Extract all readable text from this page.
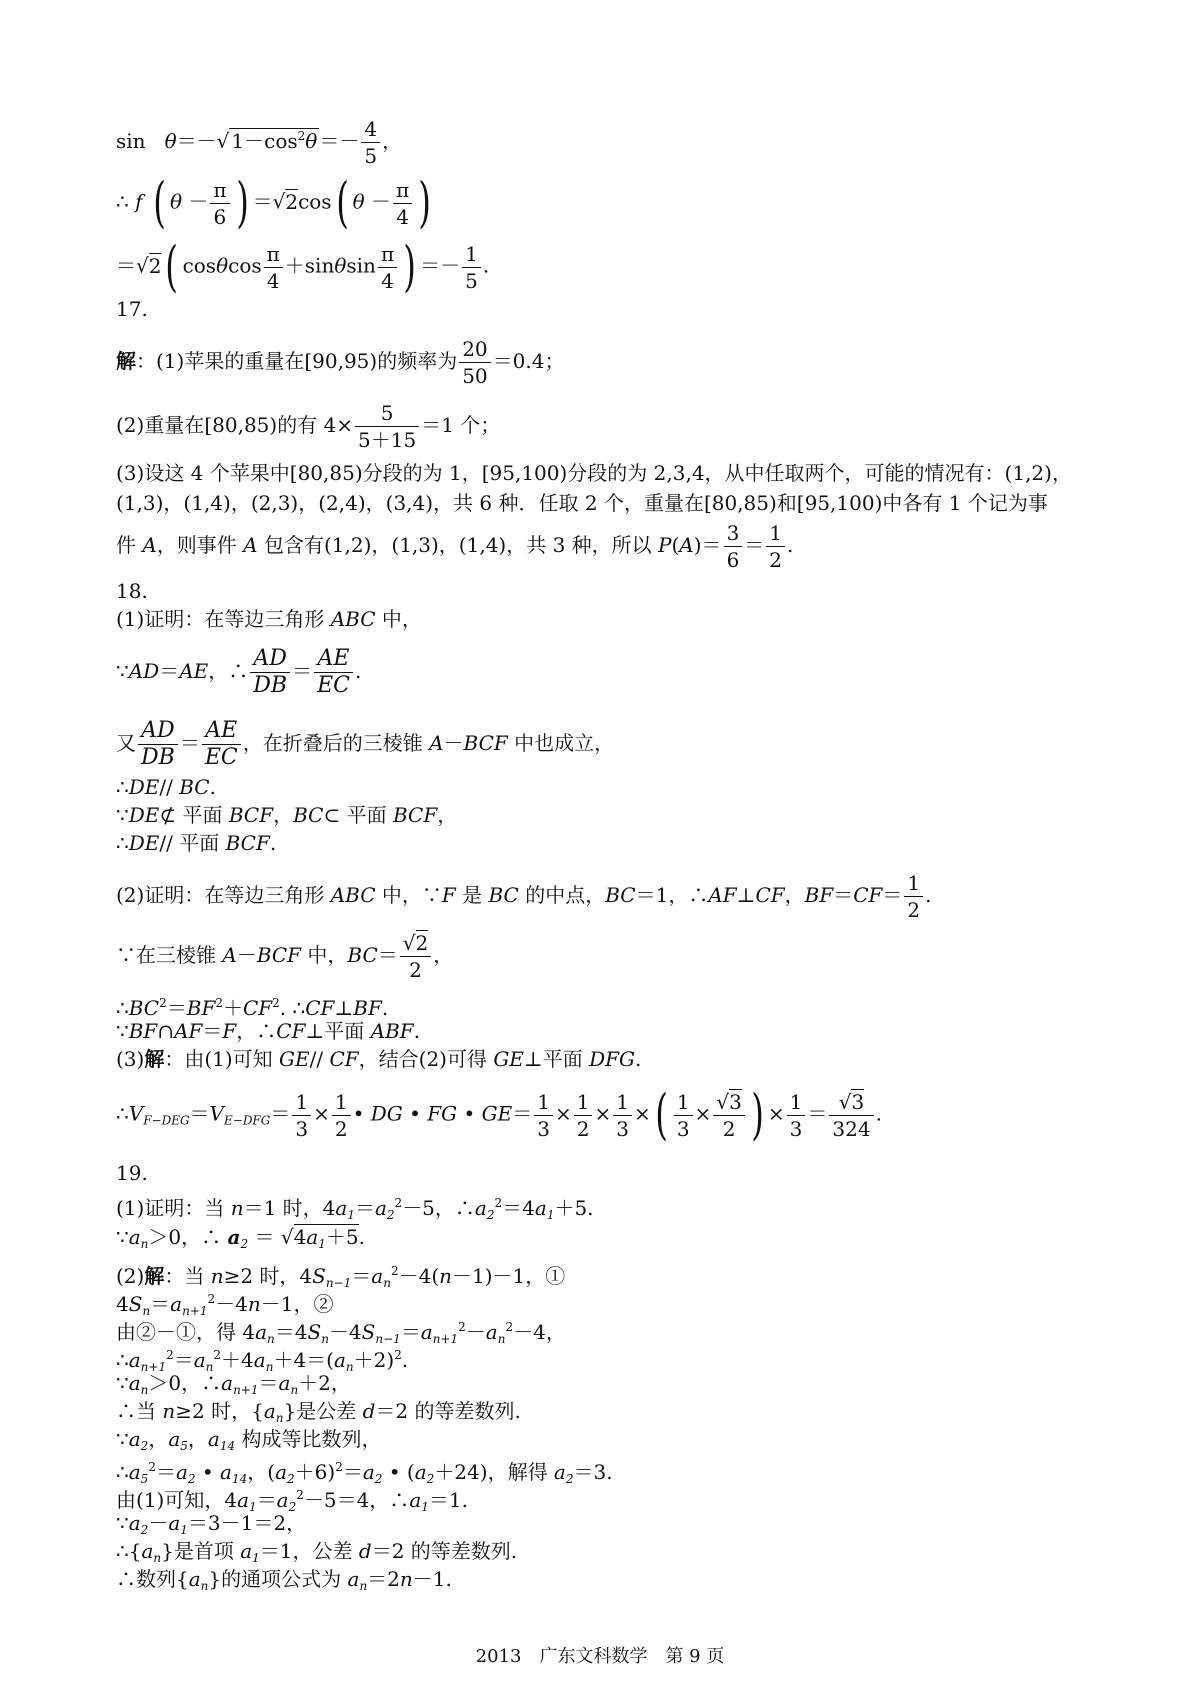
sin   θ＝－√ $1-\cos^2\theta =- \frac{4}{5}$ ，
∴ f ( $\theta - \frac{\pi}{6}$ ) ＝√2cos( $\theta - \frac{\pi}{4}$ )
＝√2( cosθcos $\frac{\pi}{4} +\sin\theta\sin \frac{\pi}{4}$ ) ＝－ $\frac{1}{5}$ .
17.
解：(1)苹果的重量在[90,95)的频率为 $\frac{20}{50} =0.4$；
(2)重量在[80,85)的有 $4\times \frac{5}{5+15} =1$ 个；
(3)设这 4 个苹果中[80,85)分段的为 1，[95,100)分段的为 2,3,4，从中任取两个，可能的情况有：(1,2)，
(1,3)，(1,4)，(2,3)，(2,4)，(3,4)，共 6 种．任取 2 个，重量在[80,85)和[95,100)中各有 1 个记为事
件 A，则事件 A 包含有(1,2)，(1,3)，(1,4)，共 3 种，所以 $P(A)= \frac{3}{6} = \frac{1}{2}$ .
18.
(1)证明：在等边三角形 ABC 中，
∵AD＝AE，∴ $\frac{AD}{DB} = \frac{AE}{EC}$ .
又 $\frac{AD}{DB} = \frac{AE}{EC}$ ，在折叠后的三棱锥 A－BCF 中也成立，
∴DE// BC.
∵DE⊄ 平面 BCF，BC⊂ 平面 BCF，
∴DE// 平面 BCF.
(2)证明：在等边三角形 ABC 中，∵F 是 BC 的中点，BC＝1，∴AF⊥CF，$BF=CF= \frac{1}{2}$ .
∵在三棱锥 A－BCF 中，$BC= \frac{√2}{2}$ ，
$\therefore BC^2=BF^2+CF^2$. ∴CF⊥BF.
∵BF∩AF＝F，∴CF⊥平面 ABF.
(3)解：由(1)可知 GE// CF，结合(2)可得 GE⊥平面 DFG.
$\therefore V_{F-DEG}=V_{E-DFG}= \frac{1}{3} \times \frac{1}{2}$ • DG • FG • $GE= \frac{1}{3} \times \frac{1}{2} \times \frac{1}{3}$ ×( $\frac{1}{3} \times \frac{√3}{2}$ ) × $\frac{1}{3} = \frac{√3}{324}$ .
19.
(1)证明：当 n＝1 时，$4a_1=a_2^2-5$，$\therefore a_2^2=4a_1+5$.
$\because a_n>0$，∴ $a_2 = √4a_1+5$.
(2)解：当 n≥2 时，$4S_{n-1}=a_n^2-4(n-1)-1$，①
$4S_n=a_{n+1}^2-4n-1$，②
由②－①，得 $4a_n=4S_n-4S_{n-1}=a_{n+1}^2-a_n^2-4$，
$\therefore a_{n+1}^2=a_n^2+4a_n+4=(a_n+2)^2$.
$\because a_n>0$，$\therefore a_{n+1}=a_n+2$，
∴当 n≥2 时，$\{a_n\}$是公差 d＝2 的等差数列.
$\because a_2$，$a_5$，$a_{14}$ 构成等比数列，
$\therefore a_5^2=a_2$ • $a_{14}$，$(a_2+6)^2=a_2$ • $(a_2+24)$，解得 $a_2=3$.
由(1)可知，$4a_1=a_2^2-5=4$，$\therefore a_1=1$.
$\because a_2-a_1=3-1=2$，
$\therefore\{a_n\}$是首项 $a_1=1$，公差 d＝2 的等差数列.
∴数列$\{a_n\}$的通项公式为 $a_n=2n-1$.
2013　广东文科数学　第 9 页
